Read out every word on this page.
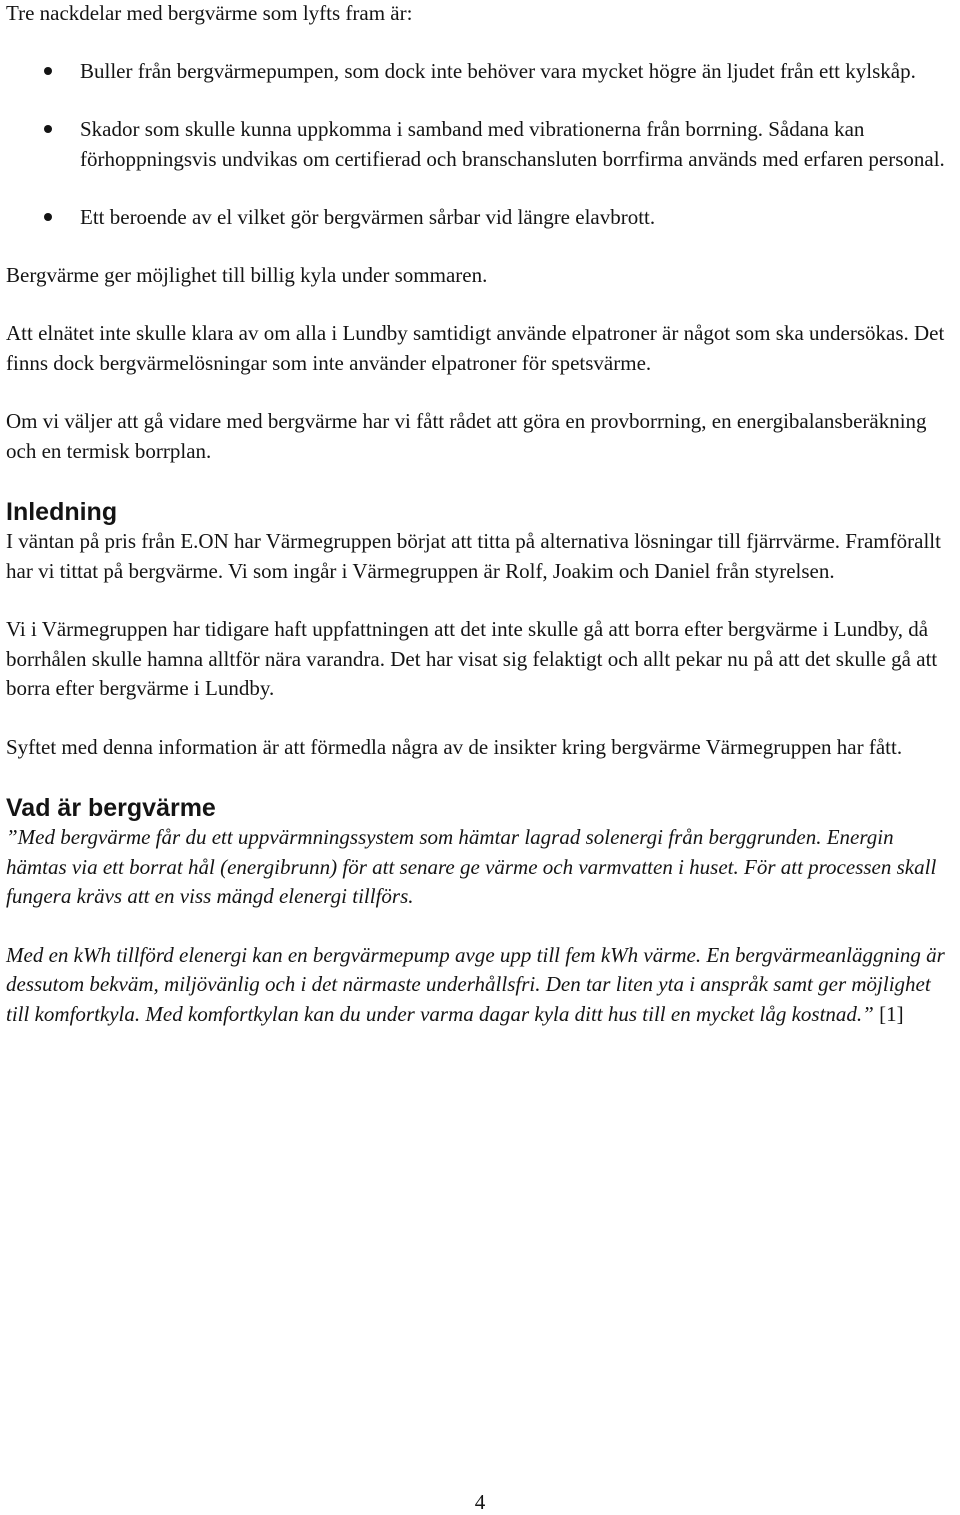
Tre nackdelar med bergvärme som lyfts fram är:

Buller från bergvärmepumpen, som dock inte behöver vara mycket högre än ljudet från ett kylskåp.
Skador som skulle kunna uppkomma i samband med vibrationerna från borrning. Sådana kan förhoppningsvis undvikas om certifierad och branschansluten borrfirma används med erfaren personal.
Ett beroende av el vilket gör bergvärmen sårbar vid längre elavbrott.

Bergvärme ger möjlighet till billig kyla under sommaren.

Att elnätet inte skulle klara av om alla i Lundby samtidigt använde elpatroner är något som ska undersökas. Det finns dock bergvärmelösningar som inte använder elpatroner för spetsvärme.

Om vi väljer att gå vidare med bergvärme har vi fått rådet att göra en provborrning, en energibalansberäkning och en termisk borrplan.

Inledning

I väntan på pris från E.ON har Värmegruppen börjat att titta på alternativa lösningar till fjärrvärme. Framförallt har vi tittat på bergvärme. Vi som ingår i Värmegruppen är Rolf, Joakim och Daniel från styrelsen.

Vi i Värmegruppen har tidigare haft uppfattningen att det inte skulle gå att borra efter bergvärme i Lundby, då borrhålen skulle hamna alltför nära varandra. Det har visat sig felaktigt och allt pekar nu på att det skulle gå att borra efter bergvärme i Lundby.

Syftet med denna information är att förmedla några av de insikter kring bergvärme Värmegruppen har fått.

Vad är bergvärme

”Med bergvärme får du ett uppvärmningssystem som hämtar lagrad solenergi från berggrunden. Energin hämtas via ett borrat hål (energibrunn) för att senare ge värme och varmvatten i huset. För att processen skall fungera krävs att en viss mängd elenergi tillförs.

Med en kWh tillförd elenergi kan en bergvärmepump avge upp till fem kWh värme. En bergvärmeanläggning är dessutom bekväm, miljövänlig och i det närmaste underhållsfri. Den tar liten yta i anspråk samt ger möjlighet till komfortkyla. Med komfortkylan kan du under varma dagar kyla ditt hus till en mycket låg kostnad.” [1]

4
